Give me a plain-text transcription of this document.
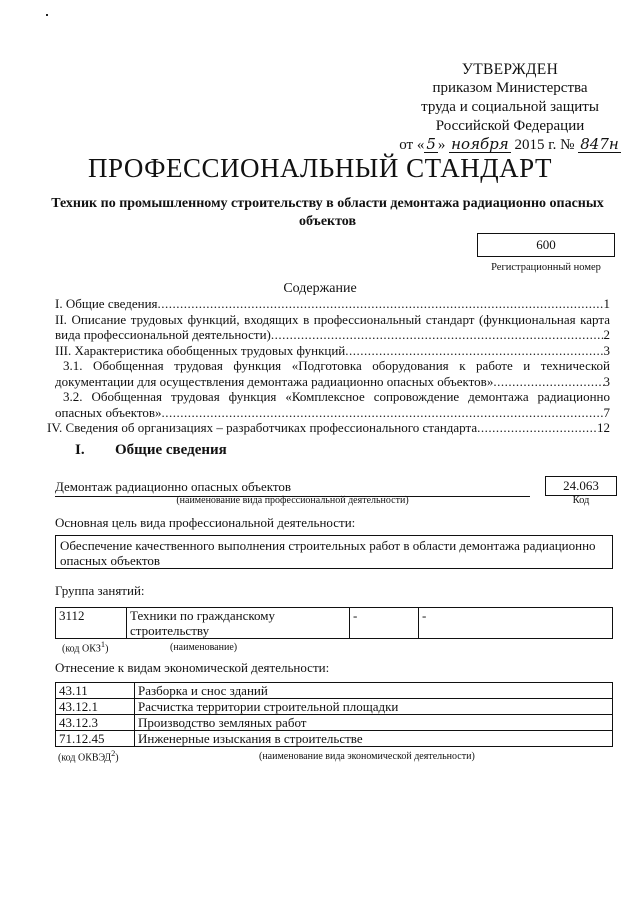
УТВЕРЖДЕН
приказом Министерства
труда и социальной защиты
Российской Федерации
от « 5 » ноября 2015 г. № 847н
ПРОФЕССИОНАЛЬНЫЙ СТАНДАРТ
Техник по промышленному строительству в области демонтажа радиационно опасных объектов
600
Регистрационный номер
Содержание
I. Общие сведения .....	1
II. Описание трудовых функций, входящих в профессиональный стандарт (функциональная карта
вида профессиональной деятельности) .....	2
III. Характеристика обобщенных трудовых функций .....	3
3.1. Обобщенная трудовая функция «Подготовка оборудования к работе и технической
документации для осуществления демонтажа радиационно опасных объектов» .....	3
3.2. Обобщенная трудовая функция «Комплексное сопровождение демонтажа радиационно
опасных объектов» .....	7
IV. Сведения об организациях – разработчиках профессионального стандарта .....	12
I. Общие сведения
Демонтаж радиационно опасных объектов	24.063
(наименование вида профессиональной деятельности)	Код
Основная цель вида профессиональной деятельности:
Обеспечение качественного выполнения строительных работ в области демонтажа радиационно опасных объектов
Группа занятий:
3112	Техники по гражданскому строительству	-	-
(код ОКЗ$^1$)	(наименование)
Отнесение к видам экономической деятельности:
43.11	Разборка и снос зданий
43.12.1	Расчистка территории строительной площадки
43.12.3	Производство земляных работ
71.12.45	Инженерные изыскания в строительстве
(код ОКВЭД$^2$)	(наименование вида экономической деятельности)
